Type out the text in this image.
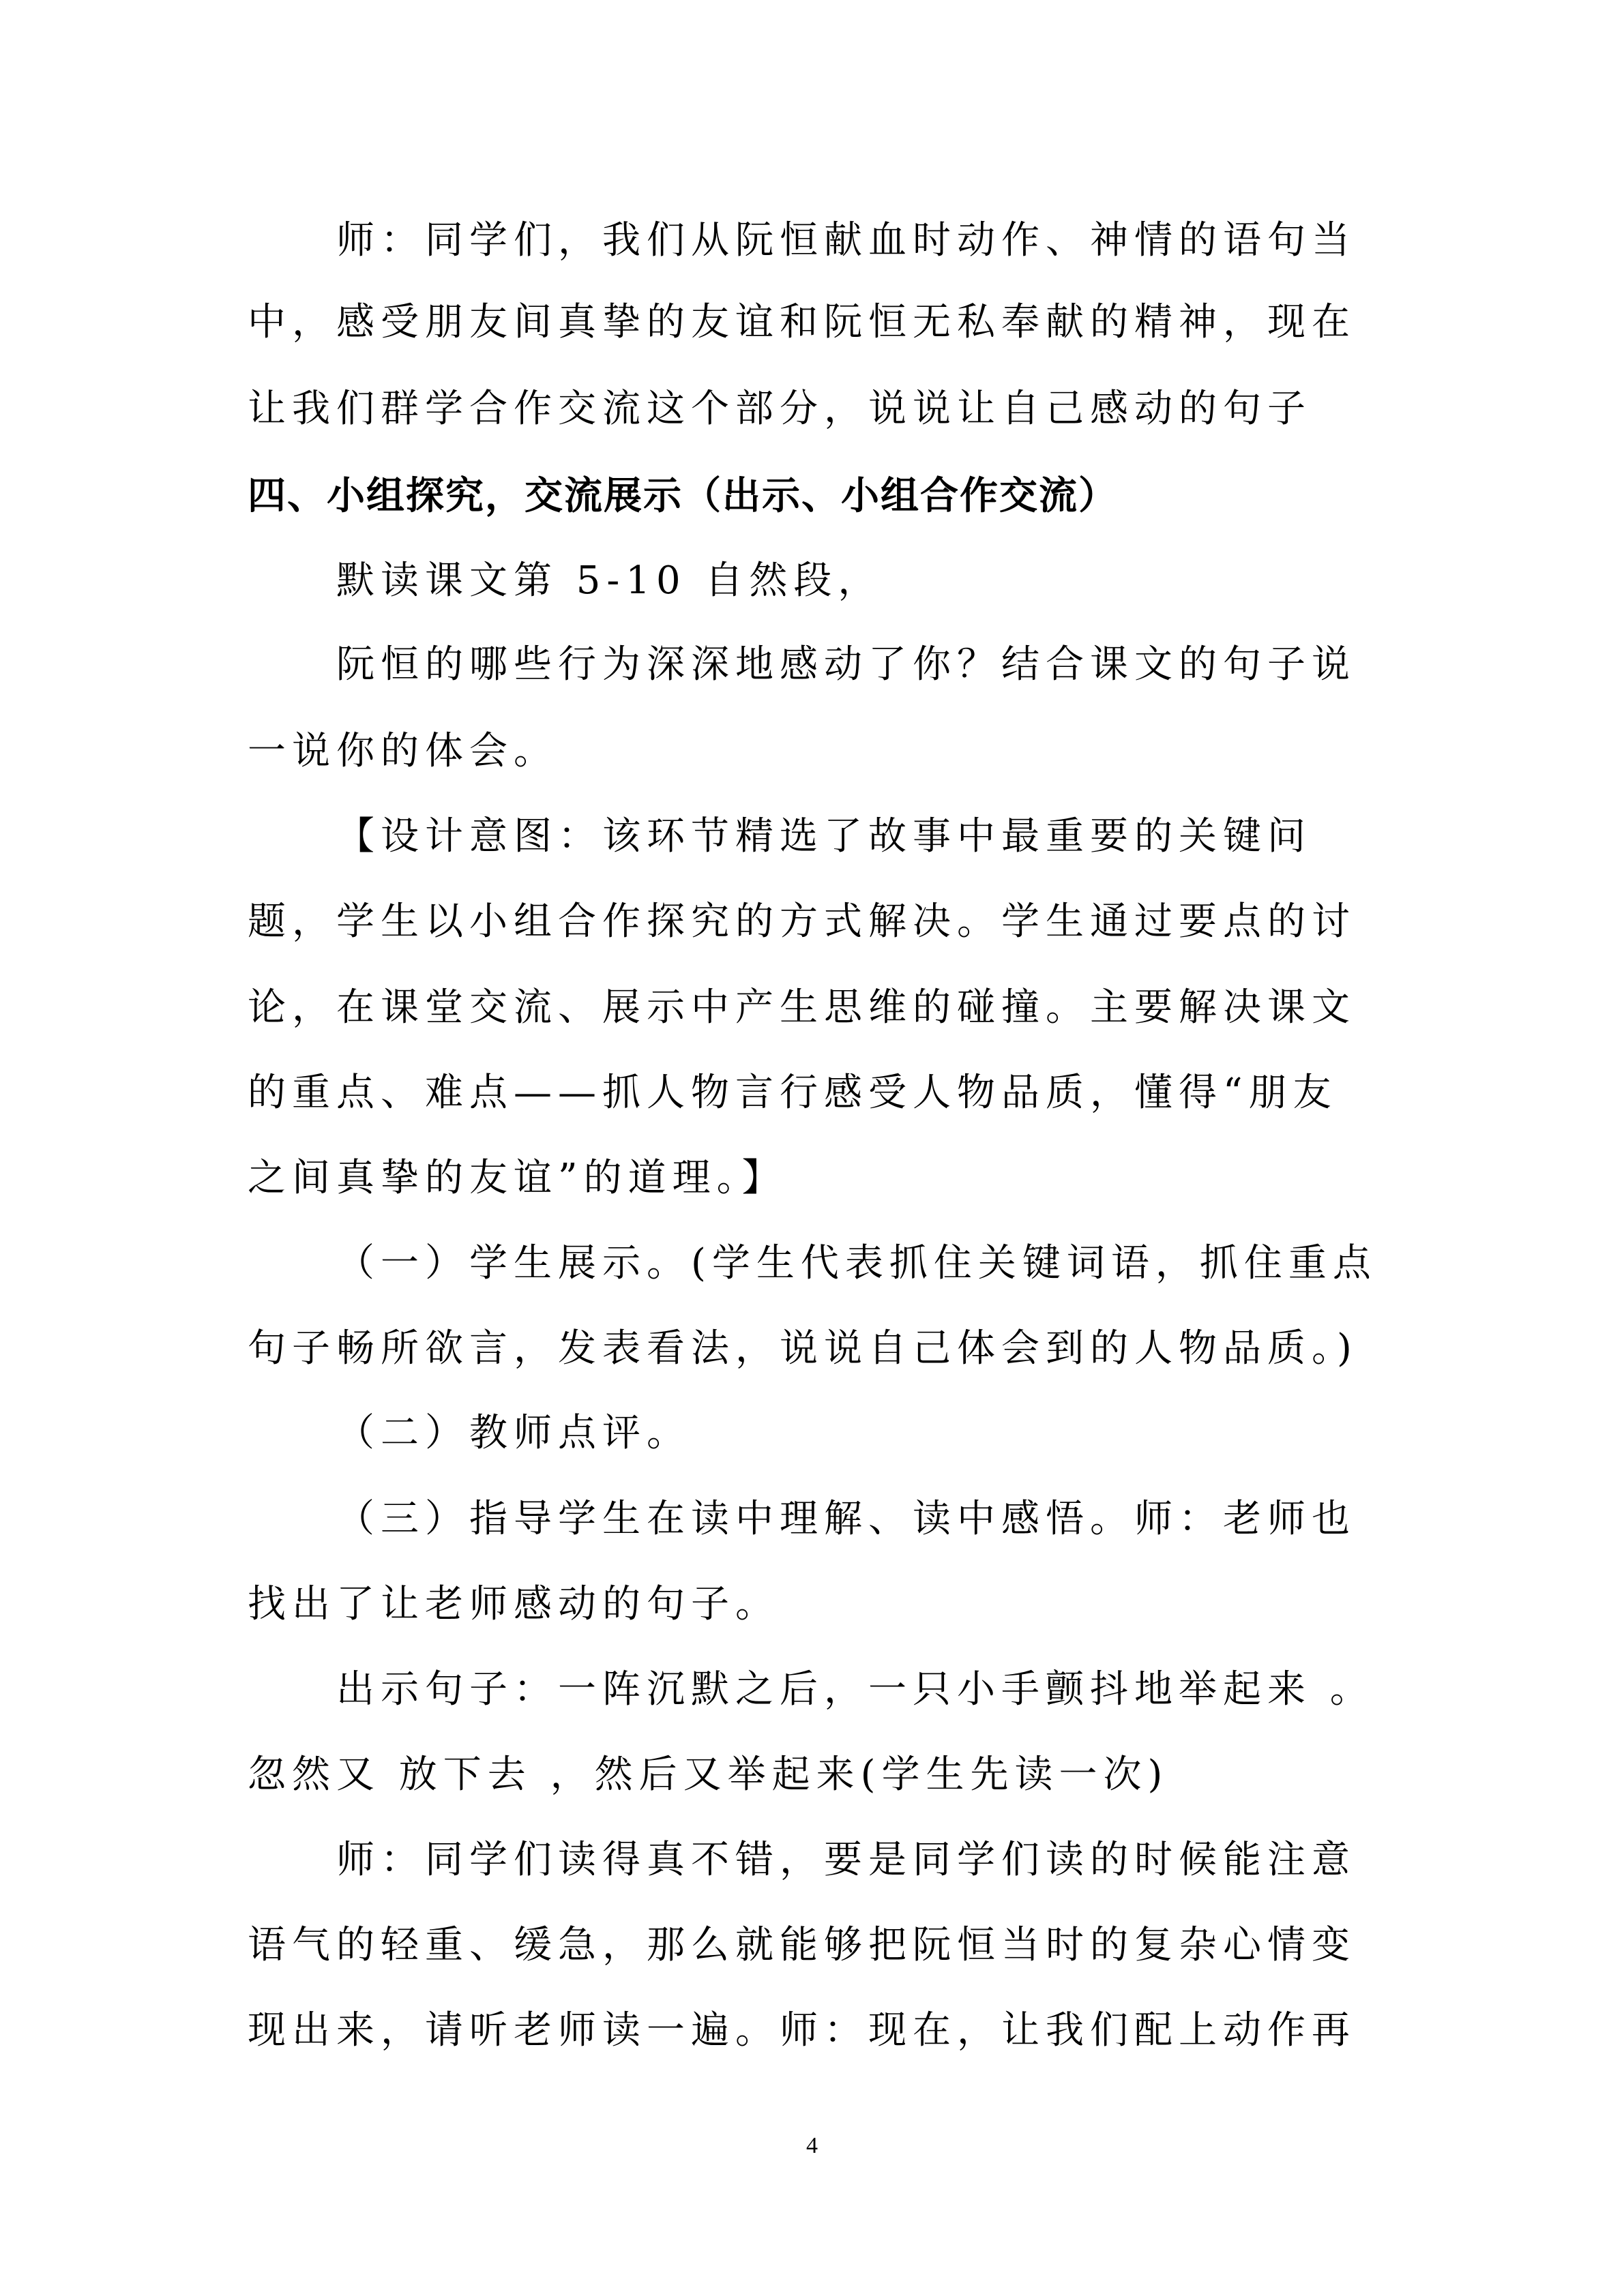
师：同学们，我们从阮恒献血时动作、神情的语句当
中，感受朋友间真挚的友谊和阮恒无私奉献的精神，现在
让我们群学合作交流这个部分，说说让自己感动的句子
四、小组探究，交流展示（出示、小组合作交流）
默读课文第 5-10 自然段，
阮恒的哪些行为深深地感动了你？结合课文的句子说
一说你的体会。
【设计意图：该环节精选了故事中最重要的关键问
题，学生以小组合作探究的方式解决。学生通过要点的讨
论，在课堂交流、展示中产生思维的碰撞。主要解决课文
的重点、难点——抓人物言行感受人物品质，懂得“朋友
之间真挚的友谊”的道理。】
（一）学生展示。(学生代表抓住关键词语，抓住重点
句子畅所欲言，发表看法，说说自己体会到的人物品质。)
（二）教师点评。
（三）指导学生在读中理解、读中感悟。师：老师也
找出了让老师感动的句子。
出示句子：一阵沉默之后，一只小手颤抖地举起来 。
忽然又 放下去 ，然后又举起来(学生先读一次)
师：同学们读得真不错，要是同学们读的时候能注意
语气的轻重、缓急，那么就能够把阮恒当时的复杂心情变
现出来，请听老师读一遍。师：现在，让我们配上动作再
4
